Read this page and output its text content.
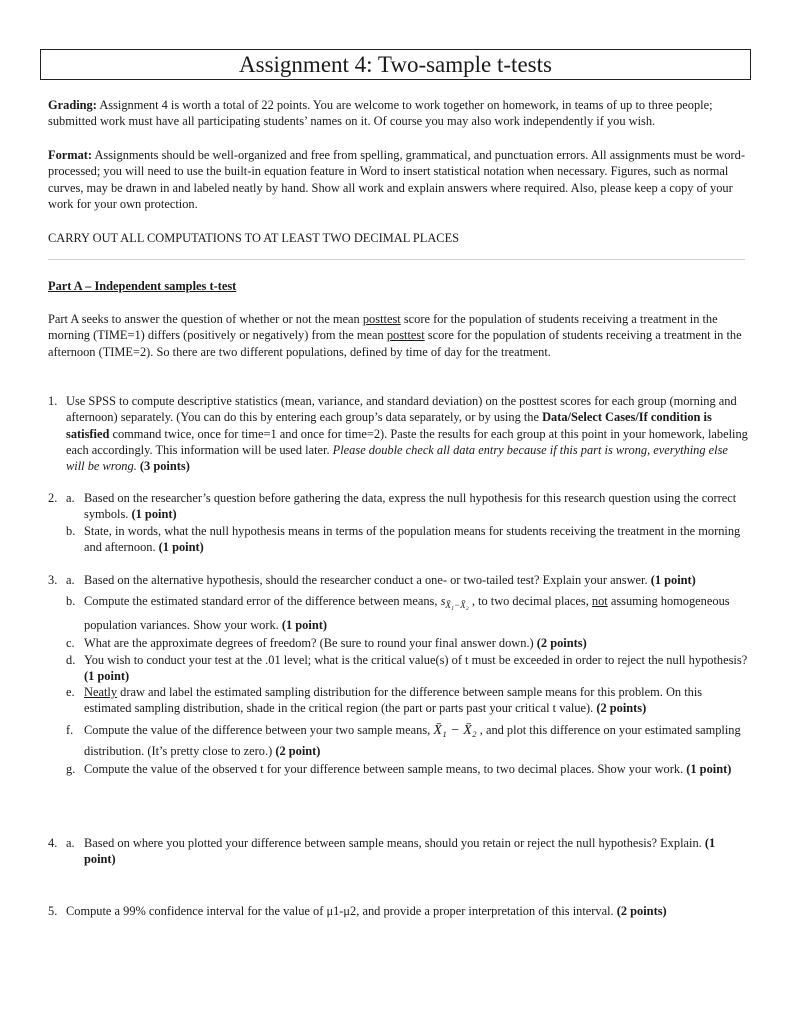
Assignment 4: Two-sample t-tests
Grading: Assignment 4 is worth a total of 22 points. You are welcome to work together on homework, in teams of up to three people; submitted work must have all participating students’ names on it. Of course you may also work independently if you wish.
Format: Assignments should be well-organized and free from spelling, grammatical, and punctuation errors. All assignments must be word-processed; you will need to use the built-in equation feature in Word to insert statistical notation when necessary. Figures, such as normal curves, may be drawn in and labeled neatly by hand. Show all work and explain answers where required. Also, please keep a copy of your work for your own protection.
CARRY OUT ALL COMPUTATIONS TO AT LEAST TWO DECIMAL PLACES
Part A – Independent samples t-test
Part A seeks to answer the question of whether or not the mean posttest score for the population of students receiving a treatment in the morning (TIME=1) differs (positively or negatively) from the mean posttest score for the population of students receiving a treatment in the afternoon (TIME=2). So there are two different populations, defined by time of day for the treatment.
1. Use SPSS to compute descriptive statistics (mean, variance, and standard deviation) on the posttest scores for each group (morning and afternoon) separately. (You can do this by entering each group’s data separately, or by using the Data/Select Cases/If condition is satisfied command twice, once for time=1 and once for time=2). Paste the results for each group at this point in your homework, labeling each accordingly. This information will be used later. Please double check all data entry because if this part is wrong, everything else will be wrong. (3 points)
2. a. Based on the researcher’s question before gathering the data, express the null hypothesis for this research question using the correct symbols. (1 point)
b. State, in words, what the null hypothesis means in terms of the population means for students receiving the treatment in the morning and afternoon. (1 point)
3. a. Based on the alternative hypothesis, should the researcher conduct a one- or two-tailed test? Explain your answer. (1 point)
b. Compute the estimated standard error of the difference between means, $s_{X̄_1-X̄_2}$ , to two decimal places, not assuming homogeneous population variances. Show your work. (1 point)
c. What are the approximate degrees of freedom? (Be sure to round your final answer down.) (2 points)
d. You wish to conduct your test at the .01 level; what is the critical value(s) of t must be exceeded in order to reject the null hypothesis? (1 point)
e. Neatly draw and label the estimated sampling distribution for the difference between sample means for this problem. On this estimated sampling distribution, shade in the critical region (the part or parts past your critical t value). (2 points)
f. Compute the value of the difference between your two sample means, X̄₁ − X̄₂ , and plot this difference on your estimated sampling distribution. (It’s pretty close to zero.) (2 point)
g. Compute the value of the observed t for your difference between sample means, to two decimal places. Show your work. (1 point)
4. a. Based on where you plotted your difference between sample means, should you retain or reject the null hypothesis? Explain. (1 point)
5. Compute a 99% confidence interval for the value of μ1-μ2, and provide a proper interpretation of this interval. (2 points)
